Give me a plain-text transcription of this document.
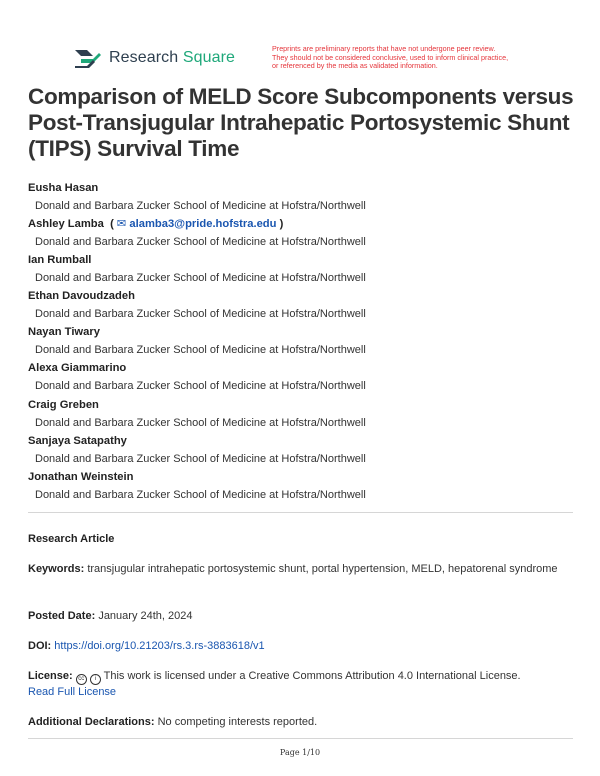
Research Square
Preprints are preliminary reports that have not undergone peer review.
They should not be considered conclusive, used to inform clinical practice,
or referenced by the media as validated information.
Comparison of MELD Score Subcomponents versus Post-Transjugular Intrahepatic Portosystemic Shunt (TIPS) Survival Time
Eusha Hasan
Donald and Barbara Zucker School of Medicine at Hofstra/Northwell
Ashley Lamba  ( ✉ alamba3@pride.hofstra.edu )
Donald and Barbara Zucker School of Medicine at Hofstra/Northwell
Ian Rumball
Donald and Barbara Zucker School of Medicine at Hofstra/Northwell
Ethan Davoudzadeh
Donald and Barbara Zucker School of Medicine at Hofstra/Northwell
Nayan Tiwary
Donald and Barbara Zucker School of Medicine at Hofstra/Northwell
Alexa Giammarino
Donald and Barbara Zucker School of Medicine at Hofstra/Northwell
Craig Greben
Donald and Barbara Zucker School of Medicine at Hofstra/Northwell
Sanjaya Satapathy
Donald and Barbara Zucker School of Medicine at Hofstra/Northwell
Jonathan Weinstein
Donald and Barbara Zucker School of Medicine at Hofstra/Northwell
Research Article
Keywords: transjugular intrahepatic portosystemic shunt, portal hypertension, MELD, hepatorenal syndrome
Posted Date: January 24th, 2024
DOI: https://doi.org/10.21203/rs.3.rs-3883618/v1
License: cc i This work is licensed under a Creative Commons Attribution 4.0 International License.
Read Full License
Additional Declarations: No competing interests reported.
Page 1/10
